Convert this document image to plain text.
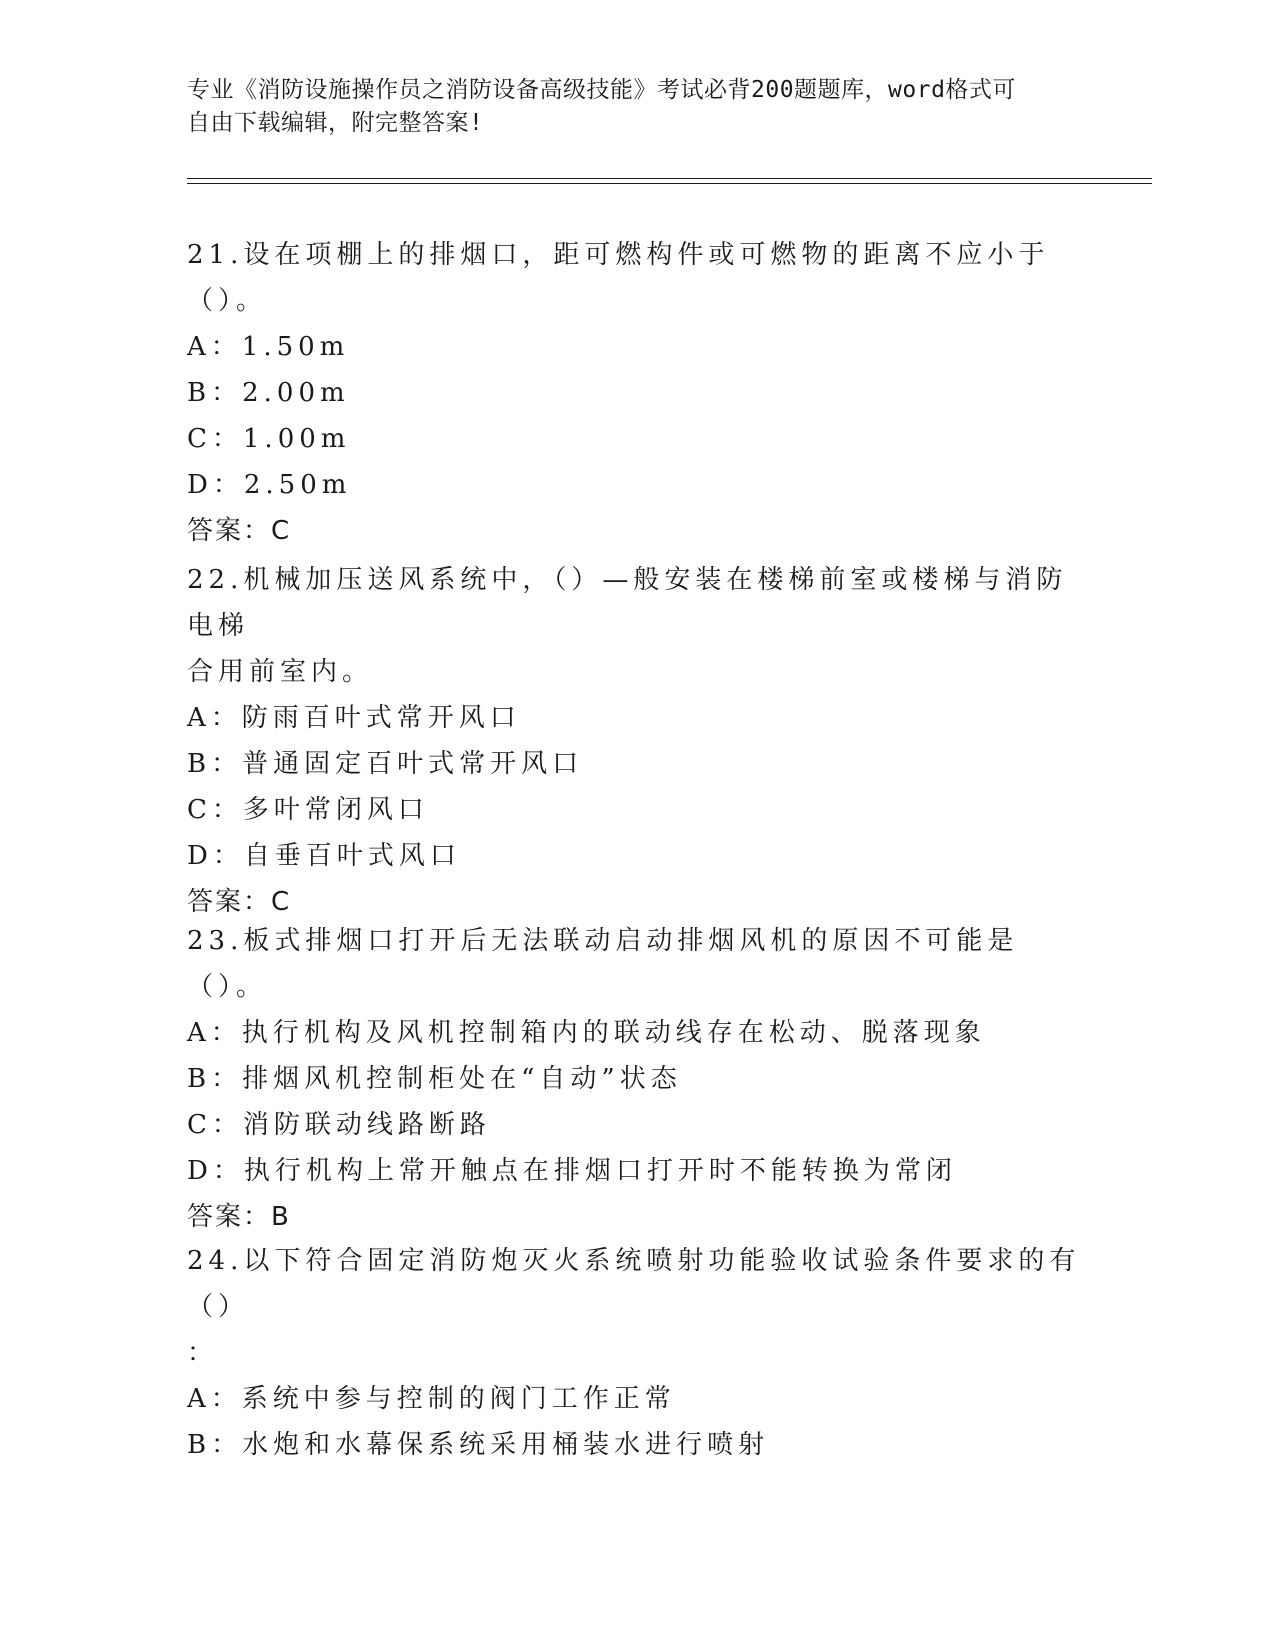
专业《消防设施操作员之消防设备高级技能》考试必背200题题库，word格式可
自由下载编辑，附完整答案!
21.设在项棚上的排烟口，距可燃构件或可燃物的距离不应小于（）。
A：1.50m
B：2.00m
C：1.00m
D：2.50m
答案：C
22.机械加压送风系统中，（）—般安装在楼梯前室或楼梯与消防电梯
合用前室内。
A：防雨百叶式常开风口
B：普通固定百叶式常开风口
C：多叶常闭风口
D：自垂百叶式风口
答案：C
23.板式排烟口打开后无法联动启动排烟风机的原因不可能是（）。
A：执行机构及风机控制箱内的联动线存在松动、脱落现象
B：排烟风机控制柜处在“自动”状态
C：消防联动线路断路
D：执行机构上常开触点在排烟口打开时不能转换为常闭
答案：B
24.以下符合固定消防炮灭火系统喷射功能验收试验条件要求的有（）
：
A：系统中参与控制的阀门工作正常
B：水炮和水幕保系统采用桶装水进行喷射
